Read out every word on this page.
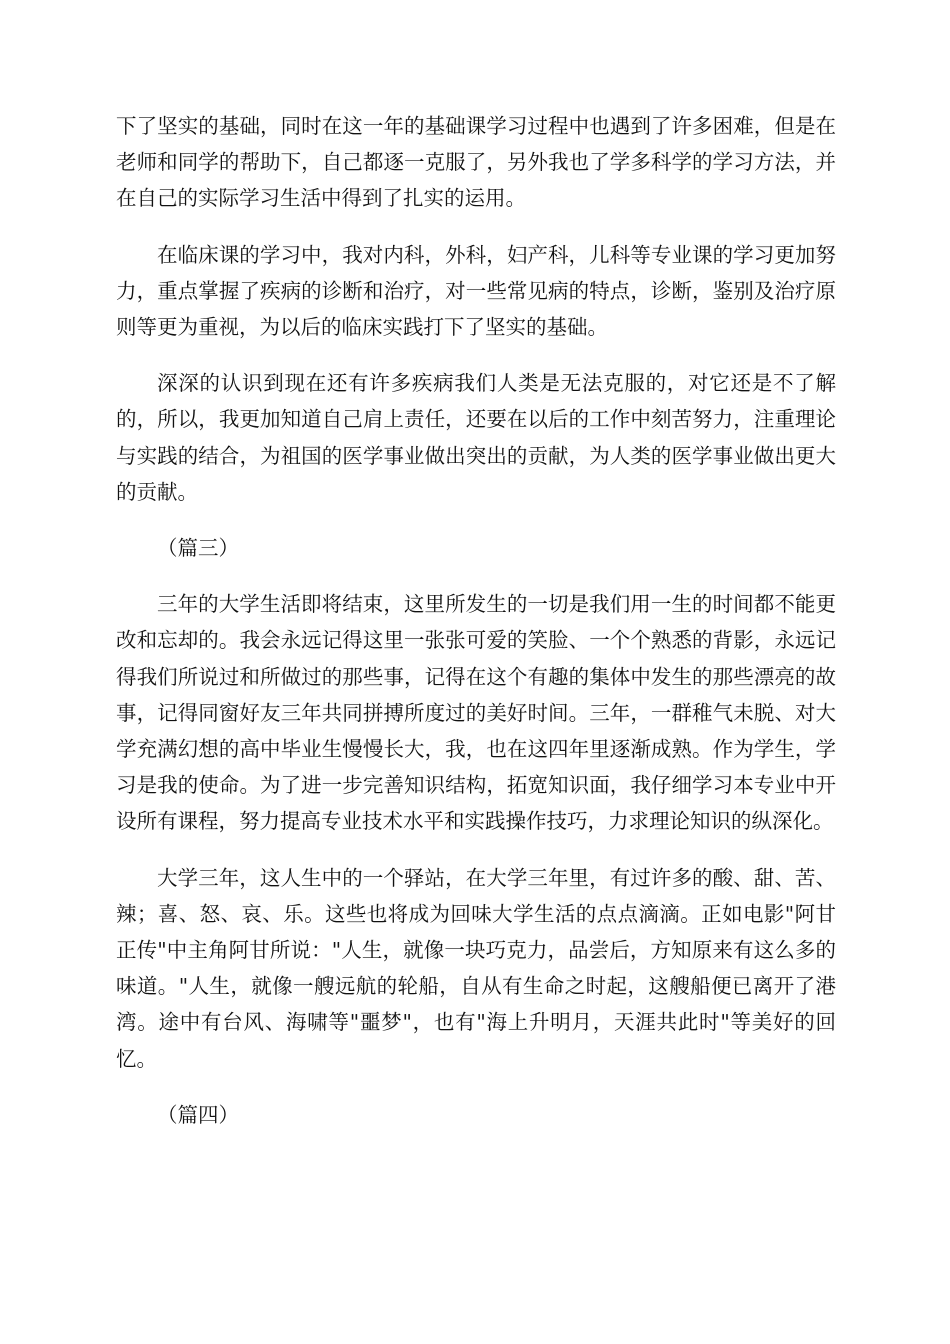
下了坚实的基础，同时在这一年的基础课学习过程中也遇到了许多困难，但是在老师和同学的帮助下，自己都逐一克服了，另外我也了学多科学的学习方法，并在自己的实际学习生活中得到了扎实的运用。

在临床课的学习中，我对内科，外科，妇产科，儿科等专业课的学习更加努力，重点掌握了疾病的诊断和治疗，对一些常见病的特点，诊断，鉴别及治疗原则等更为重视，为以后的临床实践打下了坚实的基础。

深深的认识到现在还有许多疾病我们人类是无法克服的，对它还是不了解的，所以，我更加知道自己肩上责任，还要在以后的工作中刻苦努力，注重理论与实践的结合，为祖国的医学事业做出突出的贡献，为人类的医学事业做出更大的贡献。

（篇三）

三年的大学生活即将结束，这里所发生的一切是我们用一生的时间都不能更改和忘却的。我会永远记得这里一张张可爱的笑脸、一个个熟悉的背影，永远记得我们所说过和所做过的那些事，记得在这个有趣的集体中发生的那些漂亮的故事，记得同窗好友三年共同拼搏所度过的美好时间。三年，一群稚气未脱、对大学充满幻想的高中毕业生慢慢长大，我，也在这四年里逐渐成熟。作为学生，学习是我的使命。为了进一步完善知识结构，拓宽知识面，我仔细学习本专业中开设所有课程，努力提高专业技术水平和实践操作技巧，力求理论知识的纵深化。

大学三年，这人生中的一个驿站，在大学三年里，有过许多的酸、甜、苦、辣；喜、怒、哀、乐。这些也将成为回味大学生活的点点滴滴。正如电影"阿甘正传"中主角阿甘所说："人生，就像一块巧克力，品尝后，方知原来有这么多的味道。"人生，就像一艘远航的轮船，自从有生命之时起，这艘船便已离开了港湾。途中有台风、海啸等"噩梦"，也有"海上升明月，天涯共此时"等美好的回忆。

（篇四）
